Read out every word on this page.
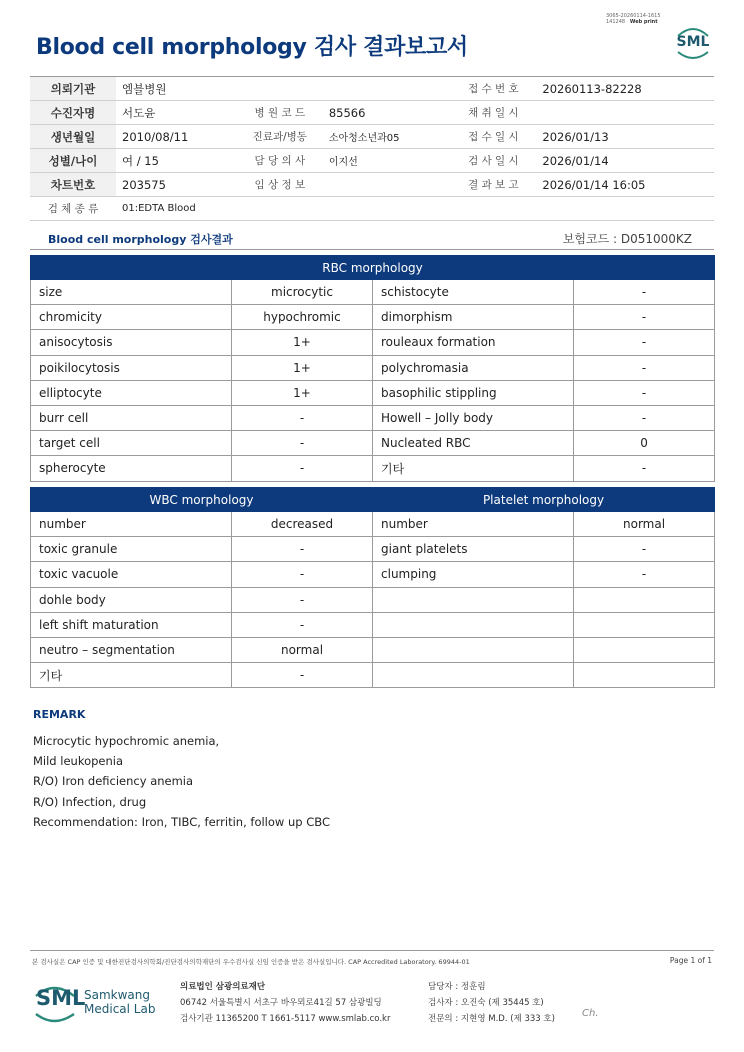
3065-20260114-1615
141248 Web print
Blood cell morphology 검사 결과보고서	SML
의뢰기관	엠블병원			접 수 번 호	20260113-82228
수진자명	서도윤	병 원 코 드	85566	채 취 일 시	
생년월일	2010/08/11	진료과/병동	소아청소년과05	접 수 일 시	2026/01/13
성별/나이	여 / 15	담 당 의 사	이지선	검 사 일 시	2026/01/14
차트번호	203575	임 상 정 보		결 과 보 고	2026/01/14 16:05
검 체 종 류	01:EDTA Blood				
Blood cell morphology 검사결과	보험코드 : D051000KZ
RBC morphology			
size	microcytic	schistocyte	-
chromicity	hypochromic	dimorphism	-
anisocytosis	1+	rouleaux formation	-
poikilocytosis	1+	polychromasia	-
elliptocyte	1+	basophilic stippling	-
burr cell	-	Howell – Jolly body	-
target cell	-	Nucleated RBC	0
spherocyte	-	기타	-
WBC morphology		Platelet morphology	
number	decreased	number	normal
toxic granule	-	giant platelets	-
toxic vacuole	-	clumping	-
dohle body	-		
left shift maturation	-		
neutro – segmentation	normal		
기타	-		
REMARK
Microcytic hypochromic anemia,
Mild leukopenia
R/O) Iron deficiency anemia
R/O) Infection, drug
Recommendation: Iron, TIBC, ferritin, follow up CBC
본 검사실은 CAP 인증 및 대한진단검사의학회/진단검사의학재단의 우수검사실 신임 인증을 받은 검사실입니다. CAP Accredited Laboratory. 69944-01	Page 1 of 1
SML
Samkwang
Medical Lab
의료법인 삼광의료재단
06742 서울특별시 서초구 바우뫼로41길 57 삼광빌딩
검사기관 11365200 T 1661-5117 www.smlab.co.kr
담당자 : 정훈림
검사자 : 오진숙 (제 35445 호)
전문의 : 지현영 M.D. (제 333 호)	Ch.
